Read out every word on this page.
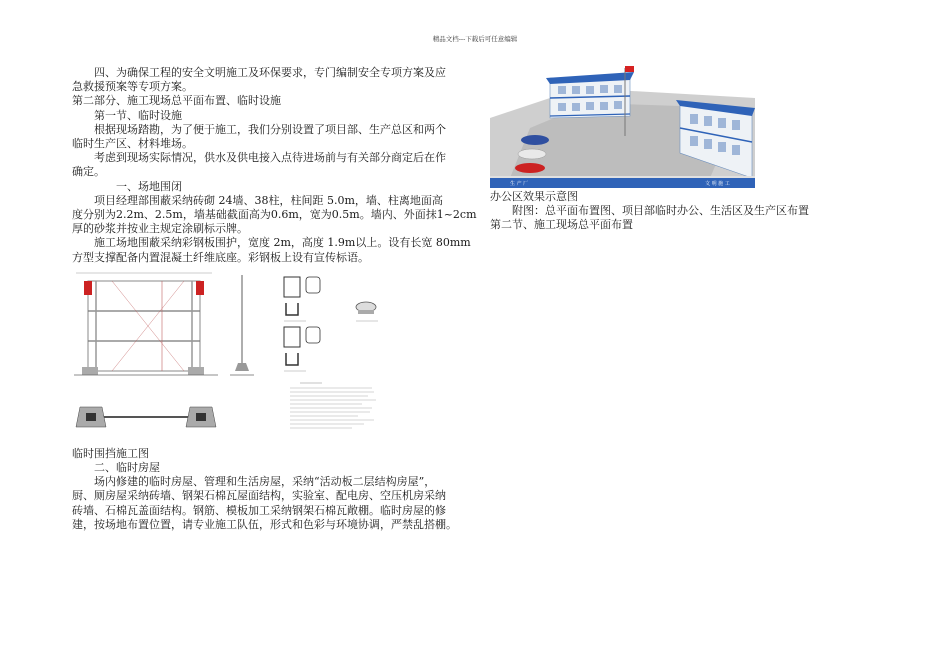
精品文档---下载后可任意编辑

四、为确保工程的安全文明施工及环保要求，专门编制安全专项方案及应

急救援预案等专项方案。

第二部分、施工现场总平面布置、临时设施

第一节、临时设施

根据现场踏勘，为了便于施工，我们分别设置了项目部、生产总区和两个

临时生产区、材料堆场。

考虑到现场实际情况，供水及供电接入点待进场前与有关部分商定后在作

确定。

一、场地围闭

项目经理部围蔽采纳砖砌 24墙、38柱，柱间距 5.0m，墙、柱离地面高

度分别为2.2m、2.5m，墙基础截面高为0.6m，宽为0.5m。墙内、外面抹1~2cm

厚的砂浆并按业主规定涂刷标示牌。

施工场地围蔽采纳彩钢板围护，宽度 2m，高度 1.9m以上。设有长宽 80mm

方型支撑配备内置混凝土纤维底座。彩钢板上设有宣传标语。

临时围挡施工图

二、临时房屋

场内修建的临时房屋、管理和生活房屋，采纳“活动板二层结构房屋”，

厨、厕房屋采纳砖墙、钢架石棉瓦屋面结构，实验室、配电房、空压机房采纳

砖墙、石棉瓦盖面结构。钢筋、模板加工采纳钢架石棉瓦敞棚。临时房屋的修

建，按场地布置位置，请专业施工队伍，形式和色彩与环境协调，严禁乱搭棚。

生 产 厂	文 明 施 工

办公区效果示意图

附图：总平面布置图、项目部临时办公、生活区及生产区布置

第二节、施工现场总平面布置
